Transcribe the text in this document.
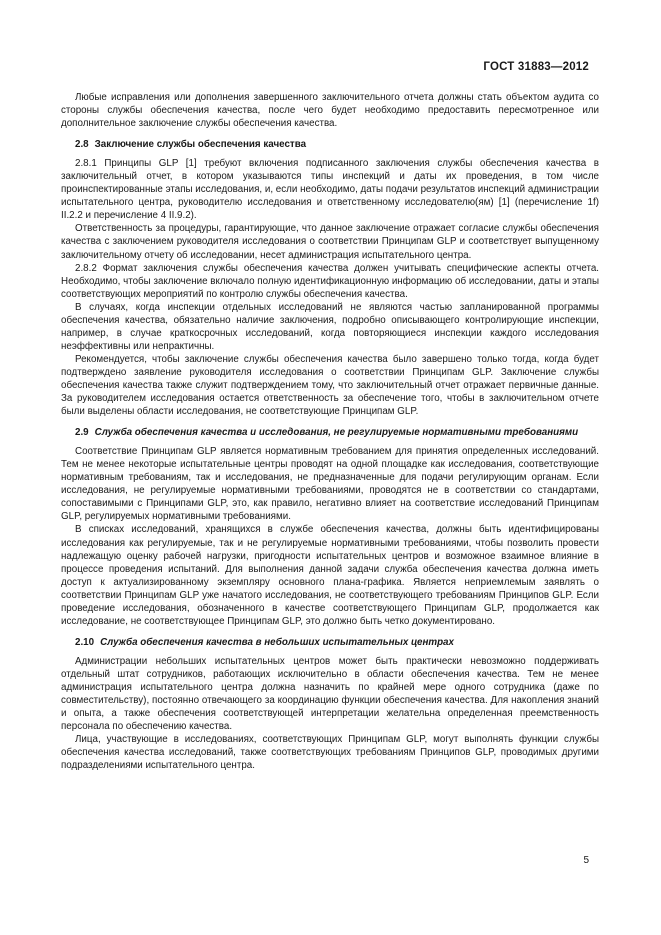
ГОСТ 31883—2012

Любые исправления или дополнения завершенного заключительного отчета должны стать объектом аудита со стороны службы обеспечения качества, после чего будет необходимо предоставить пересмотренное или дополнительное заключение службы обеспечения качества.

2.8 Заключение службы обеспечения качества

2.8.1 Принципы GLP [1] требуют включения подписанного заключения службы обеспечения качества в заключительный отчет, в котором указываются типы инспекций и даты их проведения, в том числе проинспектированные этапы исследования, и, если необходимо, даты подачи результатов инспекций администрации испытательного центра, руководителю исследования и ответственному исследователю(ям) [1] (перечисление 1f) II.2.2 и перечисление 4 II.9.2).

Ответственность за процедуры, гарантирующие, что данное заключение отражает согласие службы обеспечения качества с заключением руководителя исследования о соответствии Принципам GLP и соответствует выпущенному заключительному отчету об исследовании, несет администрация испытательного центра.

2.8.2 Формат заключения службы обеспечения качества должен учитывать специфические аспекты отчета. Необходимо, чтобы заключение включало полную идентификационную информацию об исследовании, даты и этапы соответствующих мероприятий по контролю службы обеспечения качества.

В случаях, когда инспекции отдельных исследований не являются частью запланированной программы обеспечения качества, обязательно наличие заключения, подробно описывающего контролирующие инспекции, например, в случае краткосрочных исследований, когда повторяющиеся инспекции каждого исследования неэффективны или непрактичны.

Рекомендуется, чтобы заключение службы обеспечения качества было завершено только тогда, когда будет подтверждено заявление руководителя исследования о соответствии Принципам GLP. Заключение службы обеспечения качества также служит подтверждением тому, что заключительный отчет отражает первичные данные. За руководителем исследования остается ответственность за обеспечение того, чтобы в заключительном отчете были выделены области исследования, не соответствующие Принципам GLP.

2.9 Служба обеспечения качества и исследования, не регулируемые нормативными требованиями

Соответствие Принципам GLP является нормативным требованием для принятия определенных исследований. Тем не менее некоторые испытательные центры проводят на одной площадке как исследования, соответствующие нормативным требованиям, так и исследования, не предназначенные для подачи регулирующим органам. Если исследования, не регулируемые нормативными требованиями, проводятся не в соответствии со стандартами, сопоставимыми с Принципами GLP, это, как правило, негативно влияет на соответствие исследований Принципам GLP, регулируемых нормативными требованиями.

В списках исследований, хранящихся в службе обеспечения качества, должны быть идентифицированы исследования как регулируемые, так и не регулируемые нормативными требованиями, чтобы позволить провести надлежащую оценку рабочей нагрузки, пригодности испытательных центров и возможное взаимное влияние в процессе проведения испытаний. Для выполнения данной задачи служба обеспечения качества должна иметь доступ к актуализированному экземпляру основного плана-графика. Является неприемлемым заявлять о соответствии Принципам GLP уже начатого исследования, не соответствующего требованиям Принципов GLP. Если проведение исследования, обозначенного в качестве соответствующего Принципам GLP, продолжается как исследование, не соответствующее Принципам GLP, это должно быть четко документировано.

2.10 Служба обеспечения качества в небольших испытательных центрах

Администрации небольших испытательных центров может быть практически невозможно поддерживать отдельный штат сотрудников, работающих исключительно в области обеспечения качества. Тем не менее администрация испытательного центра должна назначить по крайней мере одного сотрудника (даже по совместительству), постоянно отвечающего за координацию функции обеспечения качества. Для накопления знаний и опыта, а также обеспечения соответствующей интерпретации желательна определенная преемственность персонала по обеспечению качества.

Лица, участвующие в исследованиях, соответствующих Принципам GLP, могут выполнять функции службы обеспечения качества исследований, также соответствующих требованиям Принципов GLP, проводимых другими подразделениями испытательного центра.

5
